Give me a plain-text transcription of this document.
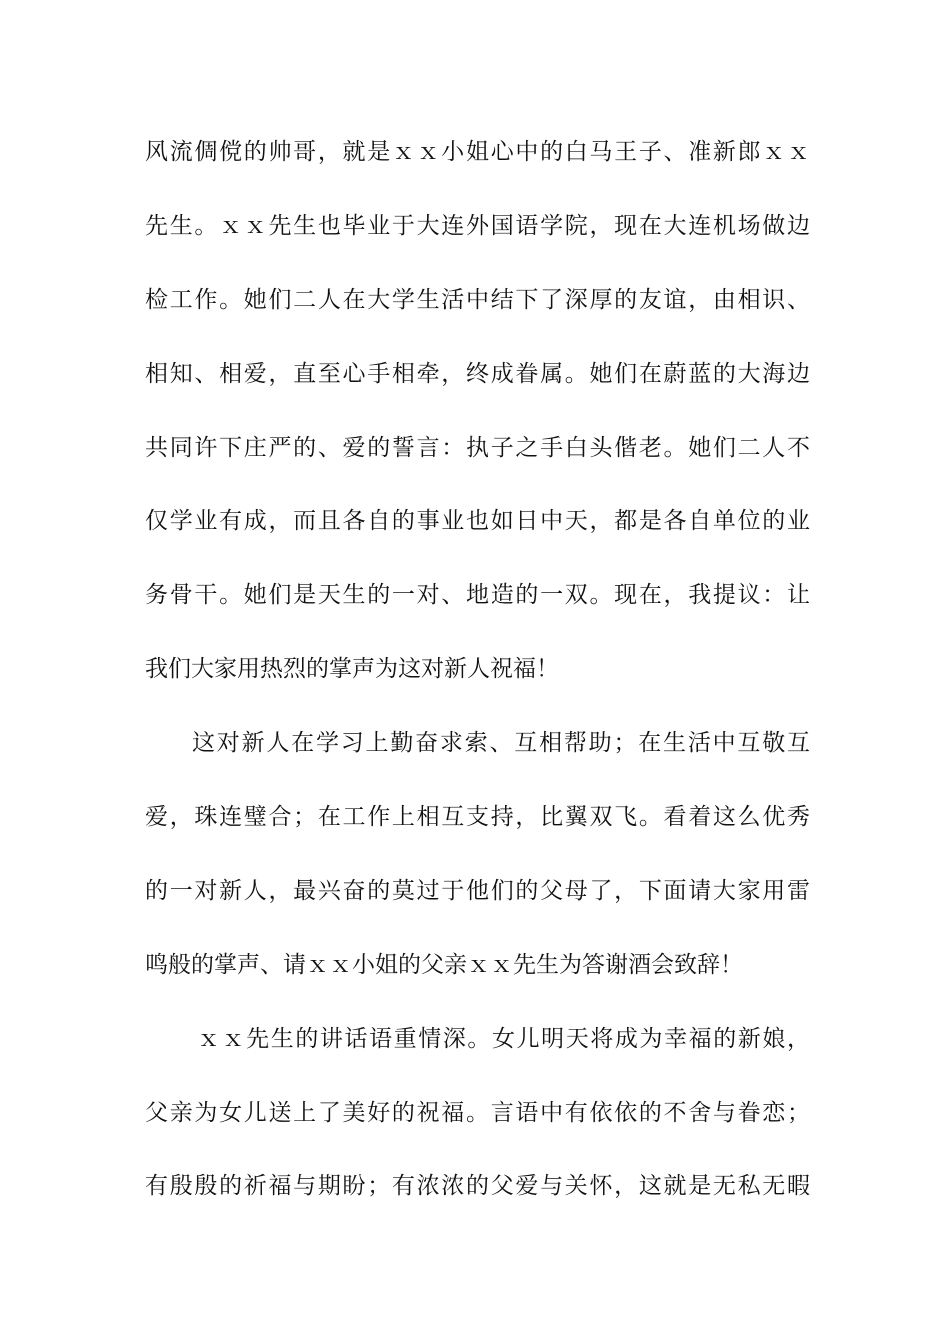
风流倜傥的帅哥，就是ｘｘ小姐心中的白马王子、准新郎ｘｘ
先生。ｘｘ先生也毕业于大连外国语学院，现在大连机场做边
检工作。她们二人在大学生活中结下了深厚的友谊，由相识、
相知、相爱，直至心手相牵，终成眷属。她们在蔚蓝的大海边
共同许下庄严的、爱的誓言：执子之手白头偕老。她们二人不
仅学业有成，而且各自的事业也如日中天，都是各自单位的业
务骨干。她们是天生的一对、地造的一双。现在，我提议：让
我们大家用热烈的掌声为这对新人祝福！
这对新人在学习上勤奋求索、互相帮助；在生活中互敬互
爱，珠连璧合；在工作上相互支持，比翼双飞。看着这么优秀
的一对新人，最兴奋的莫过于他们的父母了，下面请大家用雷
鸣般的掌声、请ｘｘ小姐的父亲ｘｘ先生为答谢酒会致辞！
ｘｘ先生的讲话语重情深。女儿明天将成为幸福的新娘，
父亲为女儿送上了美好的祝福。言语中有依依的不舍与眷恋；
有殷殷的祈福与期盼；有浓浓的父爱与关怀，这就是无私无暇
